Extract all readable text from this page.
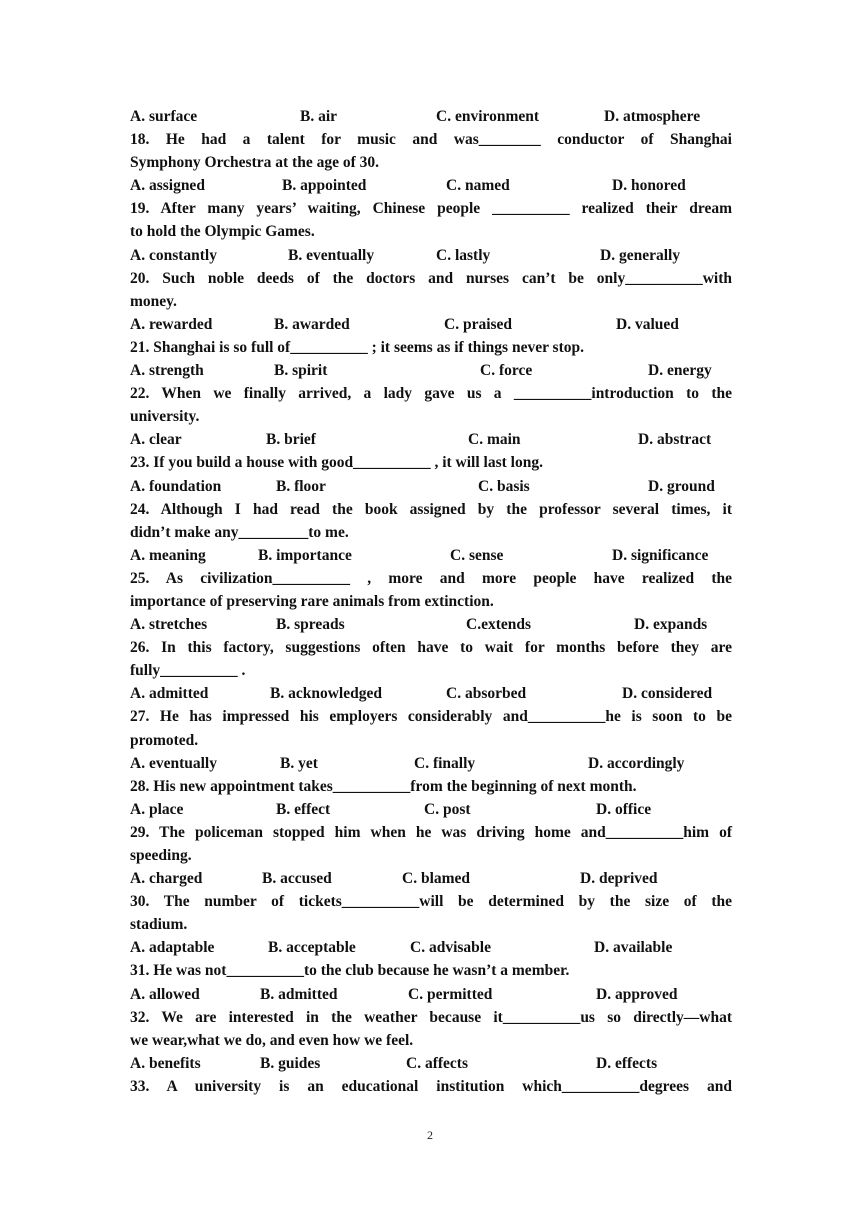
A. surface	B. air	C. environment	D. atmosphere
18. He had a talent for music and was________ conductor of Shanghai
Symphony Orchestra at the age of 30.
A. assigned	B. appointed	C. named	D. honored
19. After many years’ waiting, Chinese people __________ realized their dream
to hold the Olympic Games.
A. constantly	B. eventually	C. lastly	D. generally
20. Such noble deeds of the doctors and nurses can’t be only__________with
money.
A. rewarded	B. awarded	C. praised	D. valued
21. Shanghai is so full of__________ ; it seems as if things never stop.
A. strength	B. spirit	C. force	D. energy
22. When we finally arrived, a lady gave us a __________introduction to the
university.
A. clear	B. brief	C. main	D. abstract
23. If you build a house with good__________ , it will last long.
A. foundation	B. floor	C. basis	D. ground
24. Although I had read the book assigned by the professor several times, it
didn’t make any_________to me.
A. meaning	B. importance	C. sense	D. significance
25. As civilization__________ , more and more people have realized the
importance of preserving rare animals from extinction.
A. stretches	B. spreads	C.extends	D. expands
26. In this factory, suggestions often have to wait for months before they are
fully__________ .
A. admitted	B. acknowledged	C. absorbed	D. considered
27. He has impressed his employers considerably and__________he is soon to be
promoted.
A. eventually	B. yet	C. finally	D. accordingly
28. His new appointment takes__________from the beginning of next month.
A. place	B. effect	C. post	D. office
29. The policeman stopped him when he was driving home and__________him of
speeding.
A. charged	B. accused	C. blamed	D. deprived
30. The number of tickets__________will be determined by the size of the
stadium.
A. adaptable	B. acceptable	C. advisable	D. available
31. He was not__________to the club because he wasn’t a member.
A. allowed	B. admitted	C. permitted	D. approved
32. We are interested in the weather because it__________us so directly—what
we wear,what we do, and even how we feel.
A. benefits	B. guides	C. affects	D. effects
33. A university is an educational institution which__________degrees and
2
